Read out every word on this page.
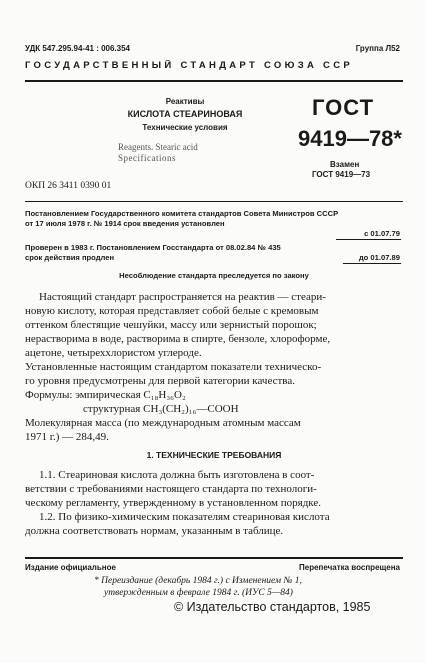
УДК 547.295.94-41 : 006.354	Группа Л52
ГОСУДАРСТВЕННЫЙ СТАНДАРТ СОЮЗА ССР
Реактивы
КИСЛОТА СТЕАРИНОВАЯ
Технические условия
Reagents. Stearic acid
Specifications
ОКП 26 3411 0390 01
ГОСТ
9419—78*
Взамен
ГОСТ 9419—73
Постановлением Государственного комитета стандартов Совета Министров СССР
от 17 июля 1978 г. № 1914 срок введения установлен
с 01.07.79
Проверен в 1983 г. Постановлением Госстандарта от 08.02.84 № 435
срок действия продлен	до 01.07.89
Несоблюдение стандарта преследуется по закону

Настоящий стандарт распространяется на реактив — стеари-

новую кислоту, которая представляет собой белые с кремовым

оттенком блестящие чешуйки, массу или зернистый порошок;

нерастворима в воде, растворима в спирте, бензоле, хлороформе,

ацетоне, четыреххлористом углероде.

Установленные настоящим стандартом показатели техническо-

го уровня предусмотрены для первой категории качества.

Формулы: эмпирическая C₁₈H₃₆O₂

структурная CH₃(CH₂)₁₆—COOH

Молекулярная масса (по международным атомным массам

1971 г.) — 284,49.

1. ТЕХНИЧЕСКИЕ ТРЕБОВАНИЯ

1.1. Стеариновая кислота должна быть изготовлена в соот-

ветствии с требованиями настоящего стандарта по технологи-

ческому регламенту, утвержденному в установленном порядке.

1.2. По физико-химическим показателям стеариновая кислота

должна соответствовать нормам, указанным в таблице.

Издание официальное	Перепечатка воспрещена
* Переиздание (декабрь 1984 г.) с Изменением № 1,
утвержденным в феврале 1984 г. (ИУС 5—84)
© Издательство стандартов, 1985
